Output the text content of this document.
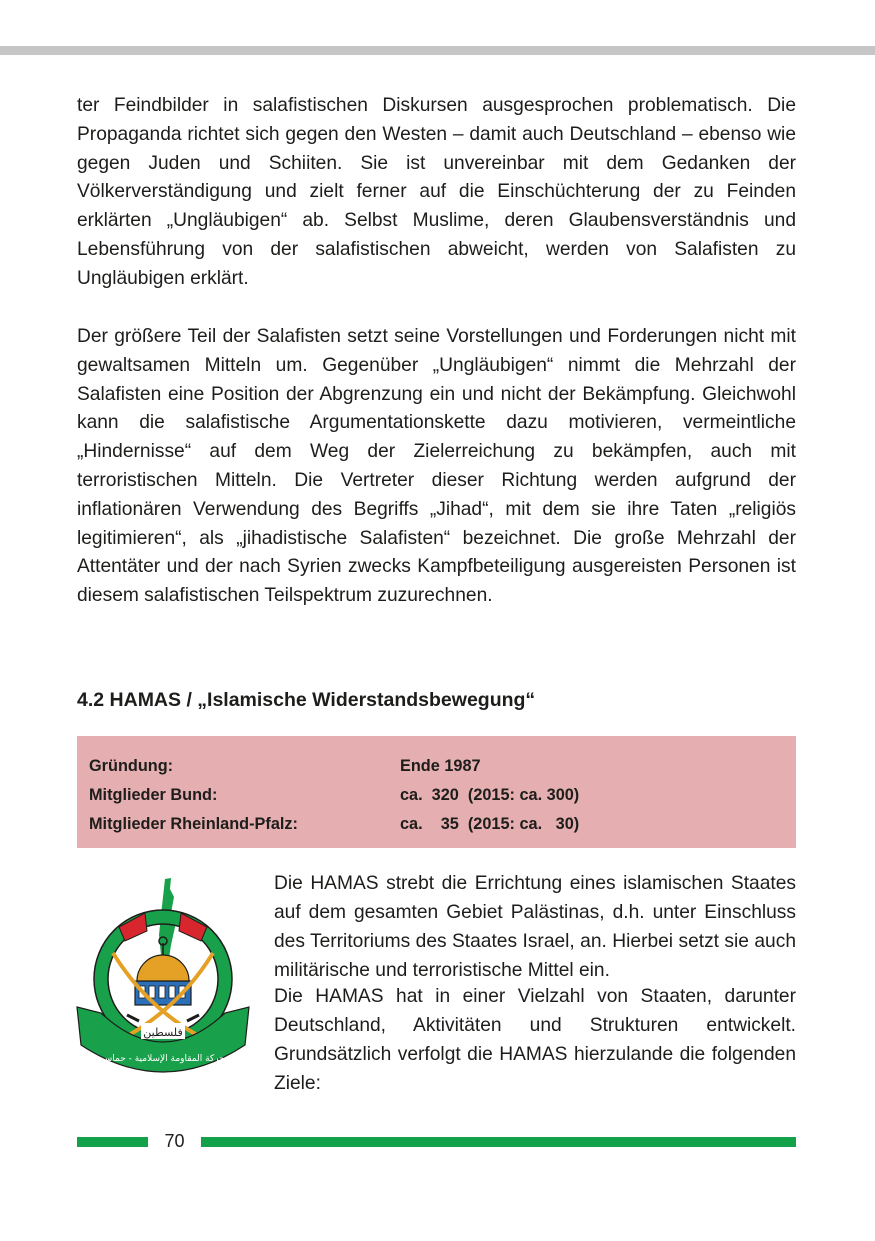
ter Feindbilder in salafistischen Diskursen ausgesprochen problematisch. Die Propaganda richtet sich gegen den Westen – damit auch Deutschland – ebenso wie gegen Juden und Schiiten. Sie ist unvereinbar mit dem Gedanken der Völkerverständigung und zielt ferner auf die Einschüchterung der zu Feinden erklärten „Ungläubigen“ ab. Selbst Muslime, deren Glaubensverständnis und Lebensführung von der salafistischen abweicht, werden von Salafisten zu Ungläubigen erklärt.

Der größere Teil der Salafisten setzt seine Vorstellungen und Forderungen nicht mit gewaltsamen Mitteln um. Gegenüber „Ungläubigen“ nimmt die Mehrzahl der Salafisten eine Position der Abgrenzung ein und nicht der Bekämpfung. Gleichwohl kann die salafistische Argumentationskette dazu motivieren, vermeintliche „Hindernisse“ auf dem Weg der Zielerreichung zu bekämpfen, auch mit terroristischen Mitteln. Die Vertreter dieser Richtung werden aufgrund der inflationären Verwendung des Begriffs „Jihad“, mit dem sie ihre Taten „religiös legitimieren“, als „jihadistische Salafisten“ bezeichnet. Die große Mehrzahl der Attentäter und der nach Syrien zwecks Kampfbeteiligung ausgereisten Personen ist diesem salafistischen Teilspektrum zuzurechnen.

4.2 HAMAS / „Islamische Widerstandsbewegung“
Gründung:	Ende 1987
Mitglieder Bund:	ca.  320  (2015: ca. 300)
Mitglieder Rheinland-Pfalz:	ca.    35  (2015: ca.   30)
فلسطين
حركة المقاومة الإسلامية - حماس

Die HAMAS strebt die Errichtung eines islamischen Staates auf dem gesamten Gebiet Palästinas, d.h. unter Einschluss des Territoriums des Staates Israel, an. Hierbei setzt sie auch militärische und terroristische Mittel ein.

Die HAMAS hat in einer Vielzahl von Staaten, darunter Deutschland, Aktivitäten und Strukturen entwickelt. Grundsätzlich verfolgt die HAMAS hierzulande die folgenden Ziele:

70
